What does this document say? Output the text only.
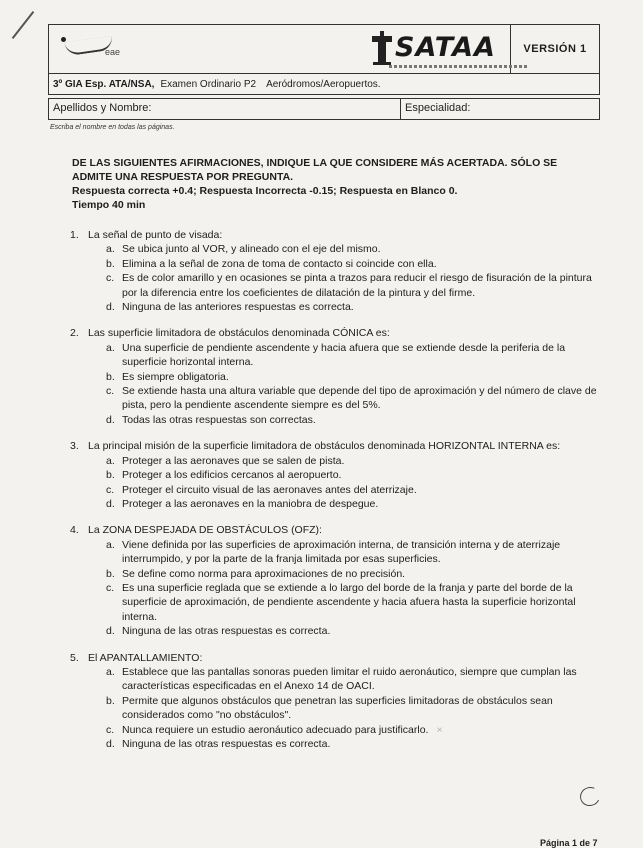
eae	SATAA	VERSIÓN 1
3º GIA Esp. ATA/NSA, Examen Ordinario P2 Aeródromos/Aeropuertos.
Apellidos y Nombre:	Especialidad:
Escriba el nombre en todas las páginas.

DE LAS SIGUIENTES AFIRMACIONES, INDIQUE LA QUE CONSIDERE MÁS ACERTADA. SÓLO SE ADMITE UNA RESPUESTA POR PREGUNTA.

Respuesta correcta +0.4; Respuesta Incorrecta -0.15; Respuesta en Blanco 0.

Tiempo 40 min

1. La señal de punto de visada:
a. Se ubica junto al VOR, y alineado con el eje del mismo.
b. Elimina a la señal de zona de toma de contacto si coincide con ella.
c. Es de color amarillo y en ocasiones se pinta a trazos para reducir el riesgo de fisuración de la pintura por la diferencia entre los coeficientes de dilatación de la pintura y del firme.
d. Ninguna de las anteriores respuestas es correcta.
2. Las superficie limitadora de obstáculos denominada CÓNICA es:
a. Una superficie de pendiente ascendente y hacia afuera que se extiende desde la periferia de la superficie horizontal interna.
b. Es siempre obligatoria.
c. Se extiende hasta una altura variable que depende del tipo de aproximación y del número de clave de pista, pero la pendiente ascendente siempre es del 5%.
d. Todas las otras respuestas son correctas.
3. La principal misión de la superficie limitadora de obstáculos denominada HORIZONTAL INTERNA es:
a. Proteger a las aeronaves que se salen de pista.
b. Proteger a los edificios cercanos al aeropuerto.
c. Proteger el circuito visual de las aeronaves antes del aterrizaje.
d. Proteger a las aeronaves en la maniobra de despegue.
4. La ZONA DESPEJADA DE OBSTÁCULOS (OFZ):
a. Viene definida por las superficies de aproximación interna, de transición interna y de aterrizaje interrumpido, y por la parte de la franja limitada por esas superficies.
b. Se define como norma para aproximaciones de no precisión.
c. Es una superficie reglada que se extiende a lo largo del borde de la franja y parte del borde de la superficie de aproximación, de pendiente ascendente y hacia afuera hasta la superficie horizontal interna.
d. Ninguna de las otras respuestas es correcta.
5. El APANTALLAMIENTO:
a. Establece que las pantallas sonoras pueden limitar el ruido aeronáutico, siempre que cumplan las características especificadas en el Anexo 14 de OACI.
b. Permite que algunos obstáculos que penetran las superficies limitadoras de obstáculos sean considerados como "no obstáculos".
c. Nunca requiere un estudio aeronáutico adecuado para justificarlo. ×
d. Ninguna de las otras respuestas es correcta.
Página 1 de 7
